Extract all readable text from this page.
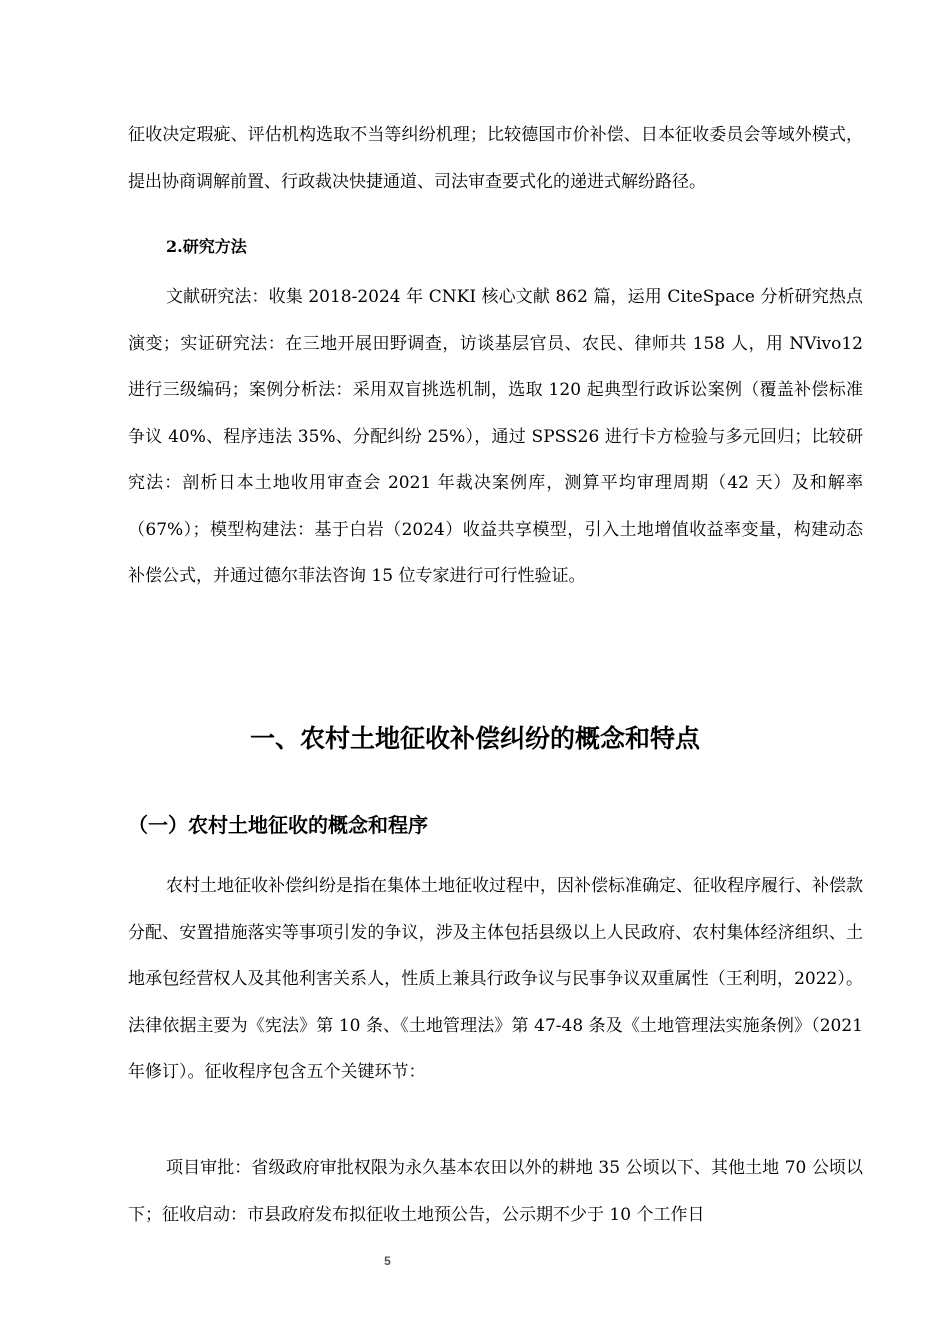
征收决定瑕疵、评估机构选取不当等纠纷机理；比较德国市价补偿、日本征收委员会等域外模式，提出协商调解前置、行政裁决快捷通道、司法审查要式化的递进式解纷路径。

2.研究方法

文献研究法：收集 2018-2024 年 CNKI 核心文献 862 篇，运用 CiteSpace 分析研究热点演变；实证研究法：在三地开展田野调查，访谈基层官员、农民、律师共 158 人，用 NVivo12 进行三级编码；案例分析法：采用双盲挑选机制，选取 120 起典型行政诉讼案例（覆盖补偿标准争议 40%、程序违法 35%、分配纠纷 25%），通过 SPSS26 进行卡方检验与多元回归；比较研究法：剖析日本土地收用审查会 2021 年裁决案例库，测算平均审理周期（42 天）及和解率（67%）；模型构建法：基于白岩（2024）收益共享模型，引入土地增值收益率变量，构建动态补偿公式，并通过德尔菲法咨询 15 位专家进行可行性验证。

一、农村土地征收补偿纠纷的概念和特点
（一）农村土地征收的概念和程序

农村土地征收补偿纠纷是指在集体土地征收过程中，因补偿标准确定、征收程序履行、补偿款分配、安置措施落实等事项引发的争议，涉及主体包括县级以上人民政府、农村集体经济组织、土地承包经营权人及其他利害关系人，性质上兼具行政争议与民事争议双重属性（王利明，2022）。法律依据主要为《宪法》第 10 条、《土地管理法》第 47-48 条及《土地管理法实施条例》（2021 年修订）。征收程序包含五个关键环节：

项目审批：省级政府审批权限为永久基本农田以外的耕地 35 公顷以下、其他土地 70 公顷以下；征收启动：市县政府发布拟征收土地预公告，公示期不少于 10 个工作日

5
